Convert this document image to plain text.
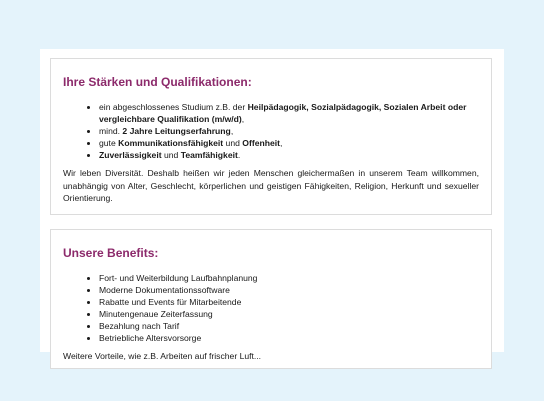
Ihre Stärken und Qualifikationen:
• ein abgeschlossenes Studium z.B. der Heilpädagogik, Sozialpädagogik, Sozialen Arbeit oder vergleichbare Qualifikation (m/w/d),
• mind. 2 Jahre Leitungserfahrung,
• gute Kommunikationsfähigkeit und Offenheit,
• Zuverlässigkeit und Teamfähigkeit.

Wir leben Diversität. Deshalb heißen wir jeden Menschen gleichermaßen in unserem Team willkommen, unabhängig von Alter, Geschlecht, körperlichen und geistigen Fähigkeiten, Religion, Herkunft und sexueller Orientierung.

Unsere Benefits:
• Fort- und Weiterbildung Laufbahnplanung
• Moderne Dokumentationssoftware
• Rabatte und Events für Mitarbeitende
• Minutengenaue Zeiterfassung
• Bezahlung nach Tarif
• Betriebliche Altersvorsorge
Weitere Vorteile, wie z.B. Arbeiten auf frischer Luft...
